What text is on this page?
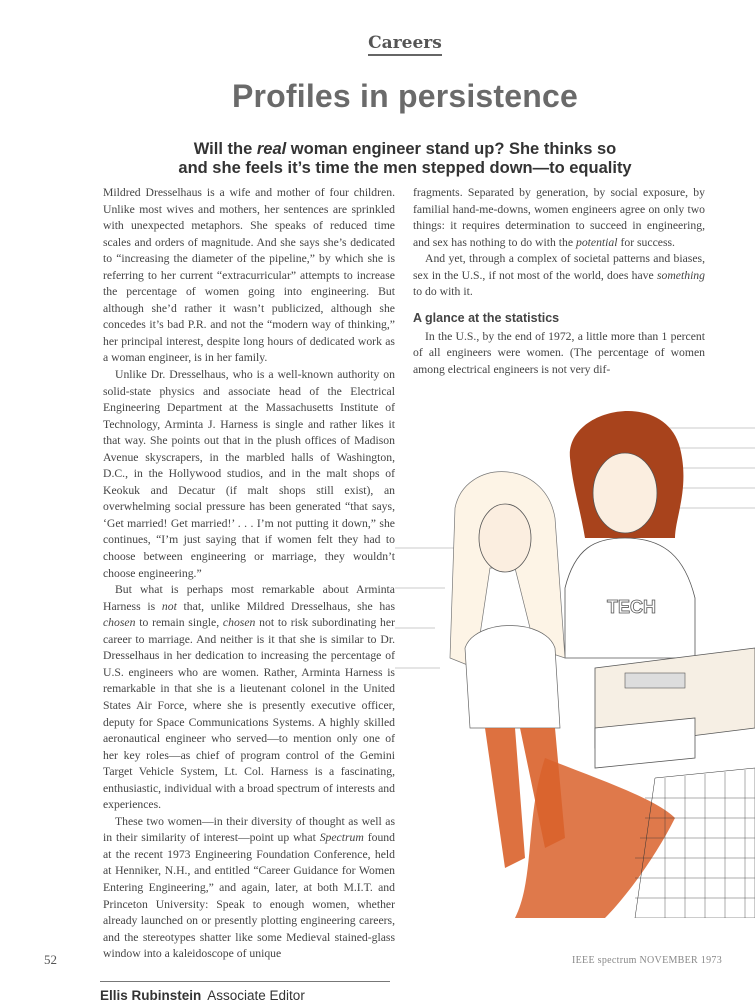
Careers
Profiles in persistence
Will the real woman engineer stand up? She thinks so
and she feels it’s time the men stepped down—to equality

Mildred Dresselhaus is a wife and mother of four children. Unlike most wives and mothers, her sentences are sprinkled with unexpected metaphors. She speaks of reduced time scales and orders of magnitude. And she says she’s dedicated to “increasing the diameter of the pipeline,” by which she is referring to her current “extracurricular” attempts to increase the percentage of women going into engineering. But although she’d rather it wasn’t publicized, although she concedes it’s bad P.R. and not the “modern way of thinking,” her principal interest, despite long hours of dedicated work as a woman engineer, is in her family.

Unlike Dr. Dresselhaus, who is a well-known authority on solid-state physics and associate head of the Electrical Engineering Department at the Massachusetts Institute of Technology, Arminta J. Harness is single and rather likes it that way. She points out that in the plush offices of Madison Avenue skyscrapers, in the marbled halls of Washington, D.C., in the Hollywood studios, and in the malt shops of Keokuk and Decatur (if malt shops still exist), an overwhelming social pressure has been generated “that says, ‘Get married! Get married!’ . . . I’m not putting it down,” she continues, “I’m just saying that if women felt they had to choose between engineering or marriage, they wouldn’t choose engineering.”

But what is perhaps most remarkable about Arminta Harness is not that, unlike Mildred Dresselhaus, she has chosen to remain single, chosen not to risk subordinating her career to marriage. And neither is it that she is similar to Dr. Dresselhaus in her dedication to increasing the percentage of U.S. engineers who are women. Rather, Arminta Harness is remarkable in that she is a lieutenant colonel in the United States Air Force, where she is presently executive officer, deputy for Space Communications Systems. A highly skilled aeronautical engineer who served—to mention only one of her key roles—as chief of program control of the Gemini Target Vehicle System, Lt. Col. Harness is a fascinating, enthusiastic, individual with a broad spectrum of interests and experiences.

These two women—in their diversity of thought as well as in their similarity of interest—point up what Spectrum found at the recent 1973 Engineering Foundation Conference, held at Henniker, N.H., and entitled “Career Guidance for Women Entering Engineering,” and again, later, at both M.I.T. and Princeton University: Speak to enough women, whether already launched on or presently plotting engineering careers, and the stereotypes shatter like some Medieval stained-glass window into a kaleidoscope of unique

Ellis Rubinstein Associate Editor

fragments. Separated by generation, by social exposure, by familial hand-me-downs, women engineers agree on only two things: it requires determination to succeed in engineering, and sex has nothing to do with the potential for success.

And yet, through a complex of societal patterns and biases, sex in the U.S., if not most of the world, does have something to do with it.

A glance at the statistics

In the U.S., by the end of 1972, a little more than 1 percent of all engineers were women. (The percentage of women among electrical engineers is not very dif-

TECH
52	IEEE spectrum NOVEMBER 1973
